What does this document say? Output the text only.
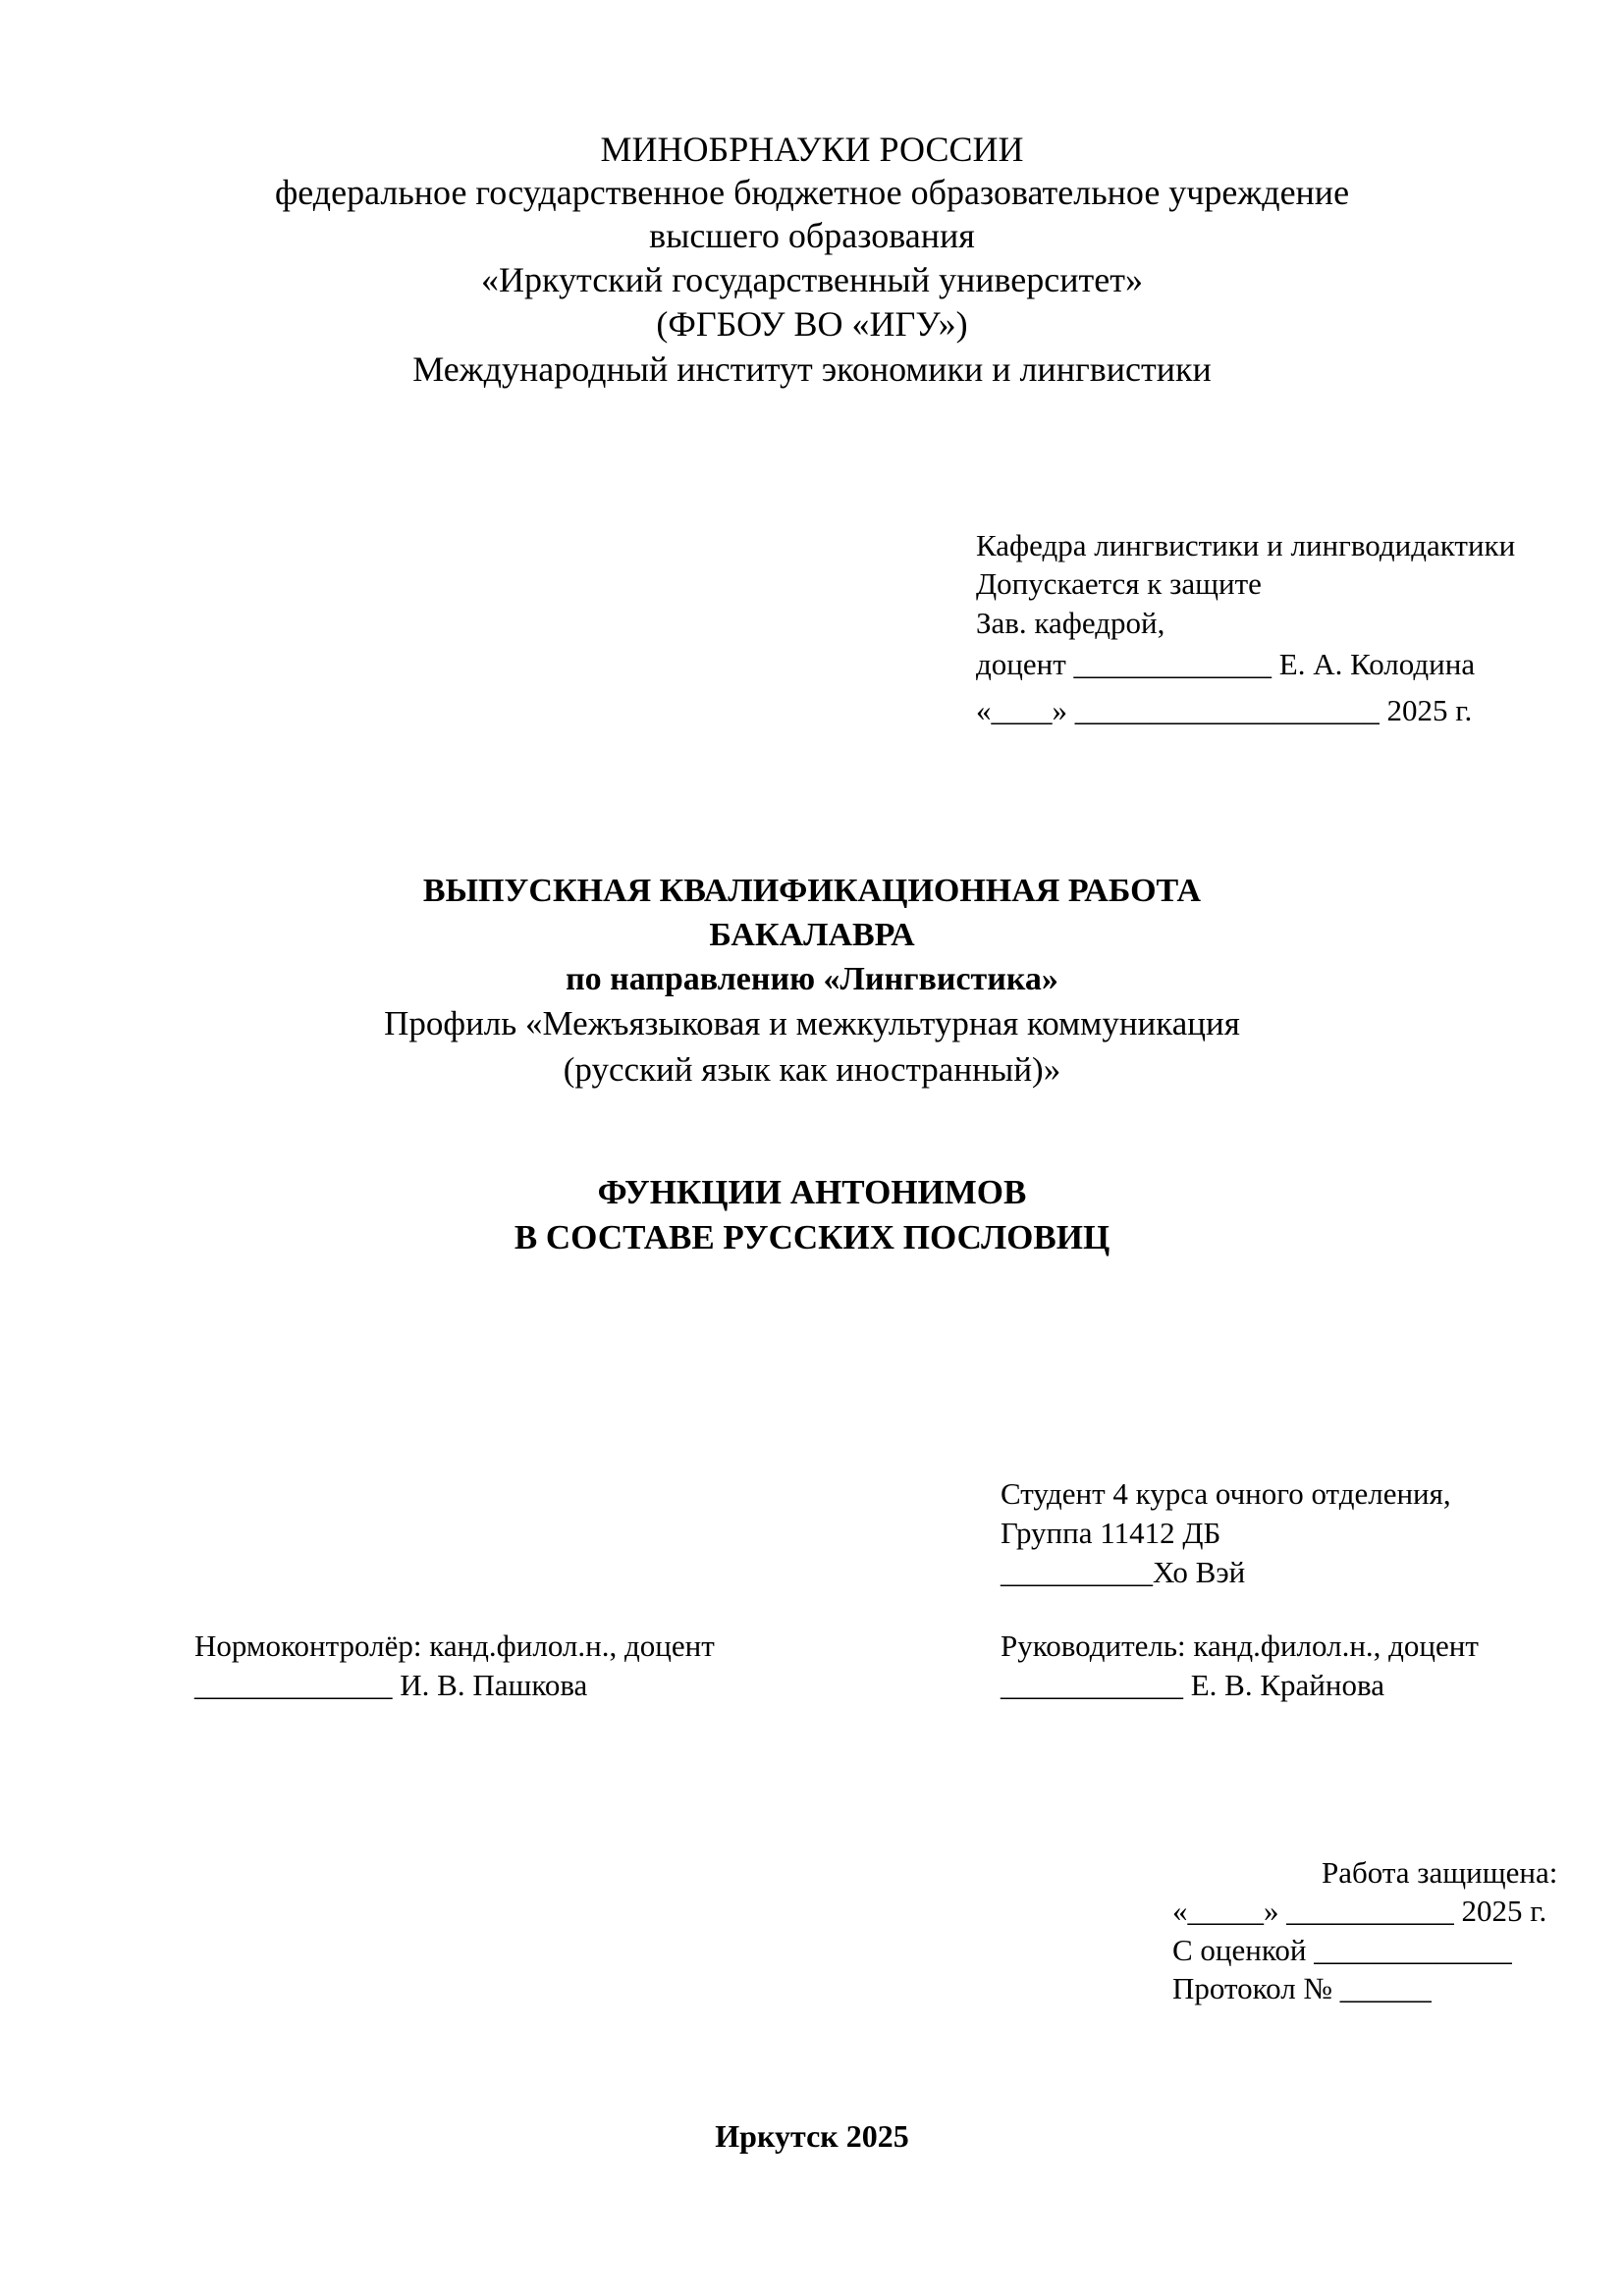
МИНОБРНАУКИ РОССИИ
федеральное государственное бюджетное образовательное учреждение
высшего образования
«Иркутский государственный университет»
(ФГБОУ ВО «ИГУ»)
Международный институт экономики и лингвистики
Кафедра лингвистики и лингводидактики
Допускается к защите
Зав. кафедрой,
доцент _____________ Е. А. Колодина
«____» ____________________ 2025 г.
ВЫПУСКНАЯ КВАЛИФИКАЦИОННАЯ РАБОТА
БАКАЛАВРА
по направлению «Лингвистика»
Профиль «Межъязыковая и межкультурная коммуникация
(русский язык как иностранный)»
ФУНКЦИИ АНТОНИМОВ
В СОСТАВЕ РУССКИХ ПОСЛОВИЦ
Студент 4 курса очного отделения,
Группа 11412 ДБ
__________Хо Вэй
Нормоконтролёр: канд.филол.н., доцент
_____________ И. В. Пашкова
Руководитель: канд.филол.н., доцент
____________ Е. В. Крайнова
Работа защищена:
«_____» ___________ 2025 г.
С оценкой _____________
Протокол № ______
Иркутск 2025
